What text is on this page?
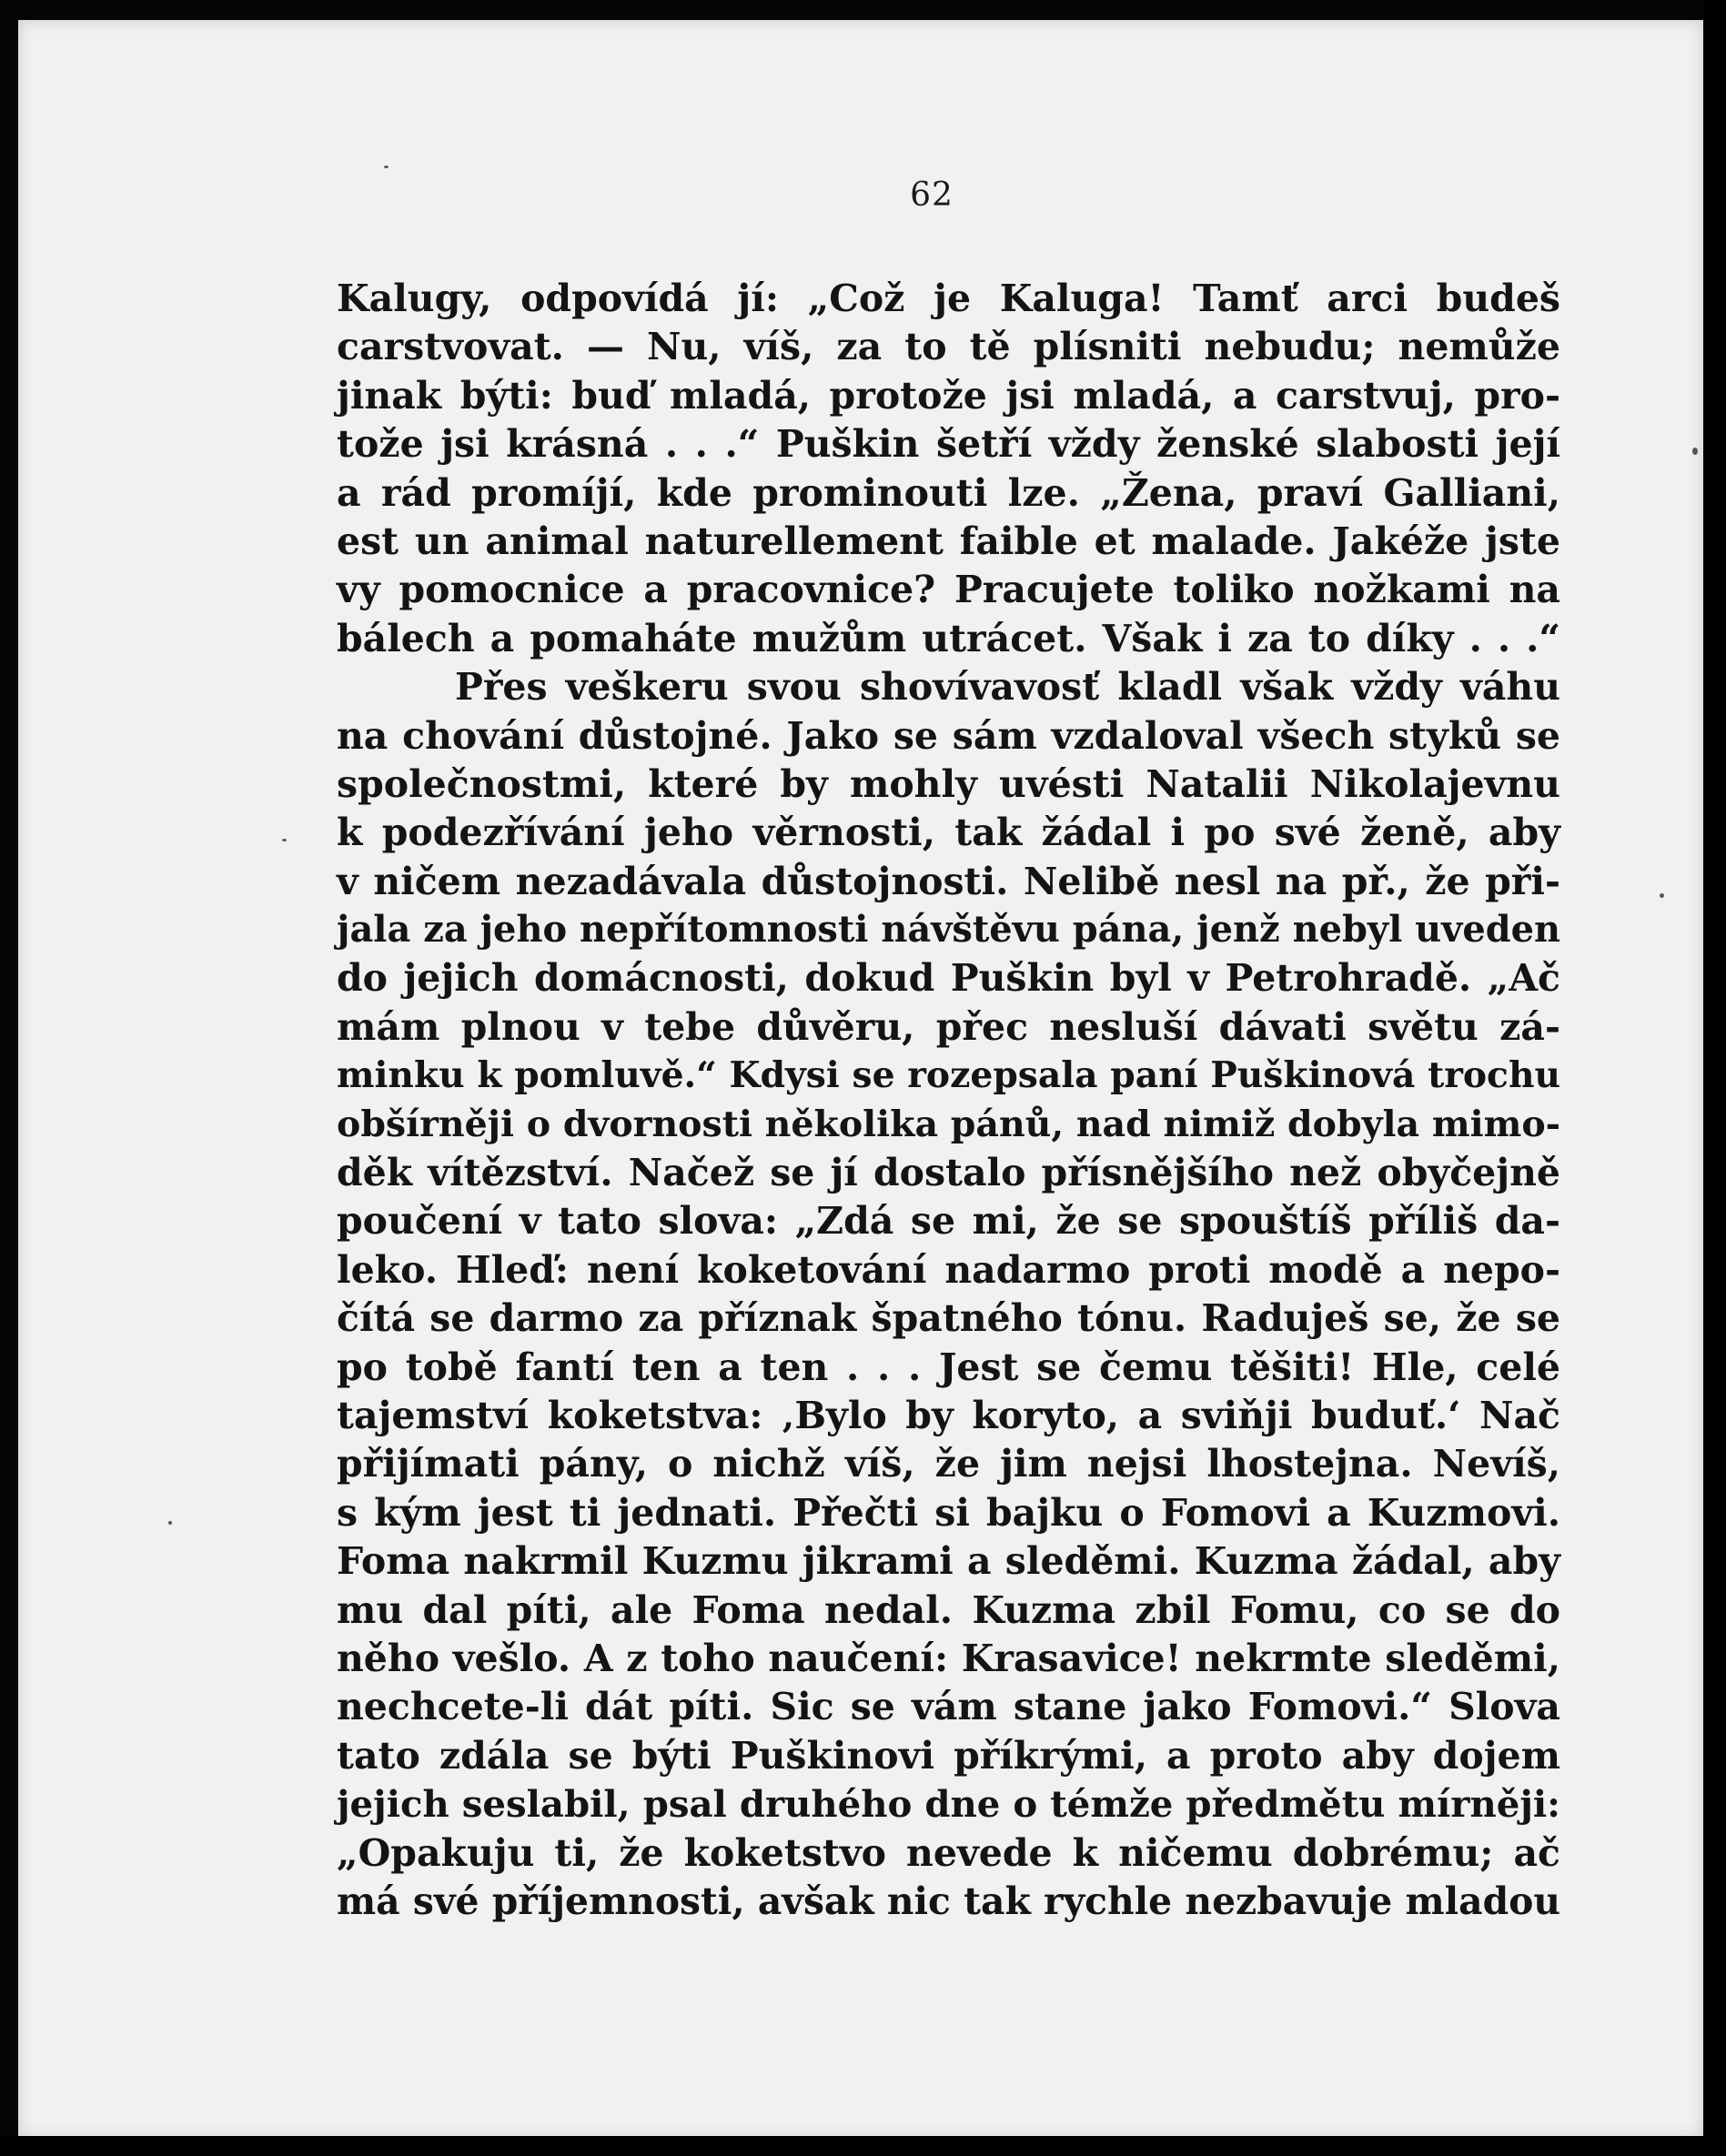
62
Kalugy, odpovídá jí: „Což je Kaluga! Tamť arci budeš
carstvovat. — Nu, víš, za to tě plísniti nebudu; nemůže
jinak býti: buď mladá, protože jsi mladá, a carstvuj, pro-
tože jsi krásná . . .“ Puškin šetří vždy ženské slabosti její
a rád promíjí, kde prominouti lze. „Žena, praví Galliani,
est un animal naturellement faible et malade. Jakéže jste
vy pomocnice a pracovnice? Pracujete toliko nožkami na
bálech a pomaháte mužům utrácet. Však i za to díky . . .“
Přes veškeru svou shovívavosť kladl však vždy váhu
na chování důstojné. Jako se sám vzdaloval všech styků se
společnostmi, které by mohly uvésti Natalii Nikolajevnu
k podezřívání jeho věrnosti, tak žádal i po své ženě, aby
v ničem nezadávala důstojnosti. Nelibě nesl na př., že při-
jala za jeho nepřítomnosti návštěvu pána, jenž nebyl uveden
do jejich domácnosti, dokud Puškin byl v Petrohradě. „Ač
mám plnou v tebe důvěru, přec nesluší dávati světu zá-
minku k pomluvě.“ Kdysi se rozepsala paní Puškinová trochu
obšírněji o dvornosti několika pánů, nad nimiž dobyla mimo-
děk vítězství. Načež se jí dostalo přísnějšího než obyčejně
poučení v tato slova: „Zdá se mi, že se spouštíš příliš da-
leko. Hleď: není koketování nadarmo proti modě a nepo-
čítá se darmo za příznak špatného tónu. Raduješ se, že se
po tobě fantí ten a ten . . . Jest se čemu těšiti! Hle, celé
tajemství koketstva: ‚Bylo by koryto, a sviňji buduť.‘ Nač
přijímati pány, o nichž víš, že jim nejsi lhostejna. Nevíš,
s kým jest ti jednati. Přečti si bajku o Fomovi a Kuzmovi.
Foma nakrmil Kuzmu jikrami a sleděmi. Kuzma žádal, aby
mu dal píti, ale Foma nedal. Kuzma zbil Fomu, co se do
něho vešlo. A z toho naučení: Krasavice! nekrmte sleděmi,
nechcete-li dát píti. Sic se vám stane jako Fomovi.“ Slova
tato zdála se býti Puškinovi příkrými, a proto aby dojem
jejich seslabil, psal druhého dne o témže předmětu mírněji:
„Opakuju ti, že koketstvo nevede k ničemu dobrému; ač
má své příjemnosti, avšak nic tak rychle nezbavuje mladou
